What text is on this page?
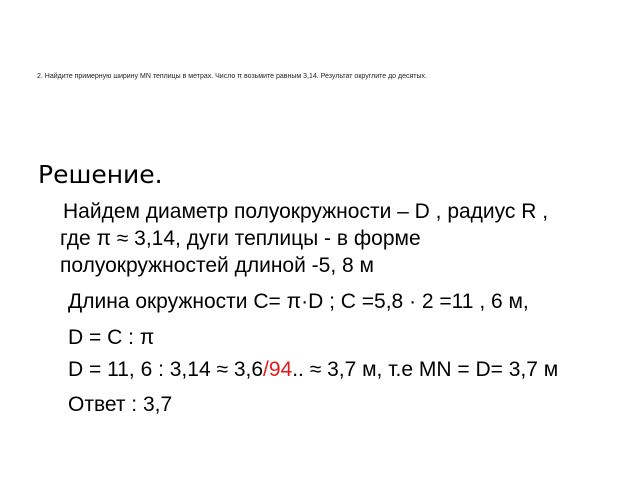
2. Найдите примерную ширину MN теплицы в метрах. Число π возьмите равным 3,14. Результат округлите до десятых.
Решение.
Найдем диаметр полуокружности – D , радиус R ,
где π ≈ 3,14, дуги теплицы - в форме
полуокружностей длиной -5, 8 м
Длина окружности С= π·D ; С =5,8 · 2 =11 , 6 м,
D = С : π
D = 11, 6 : 3,14 ≈ 3,6/94.. ≈ 3,7 м, т.е MN = D= 3,7 м
Ответ : 3,7
